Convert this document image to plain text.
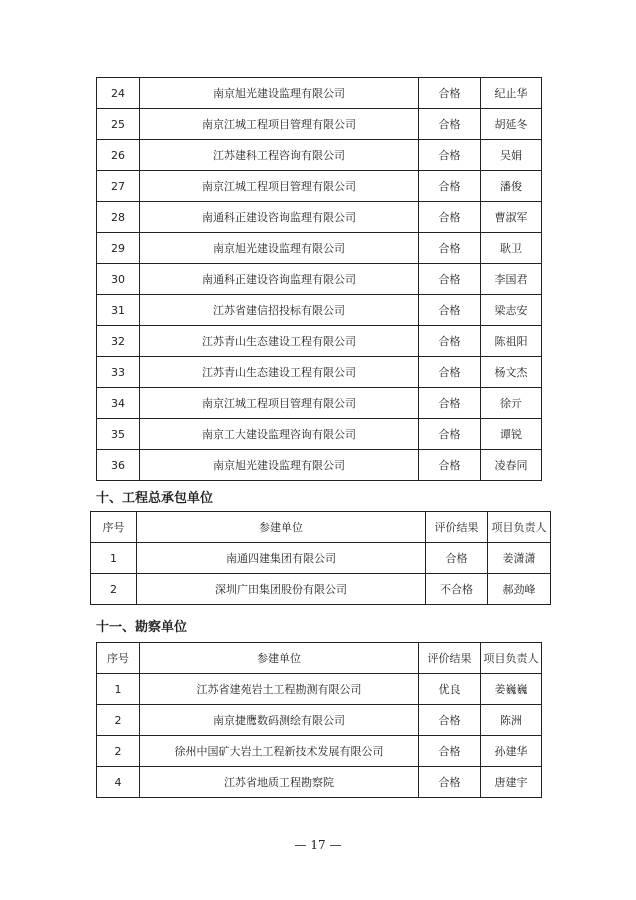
24	南京旭光建设监理有限公司	合格	纪止华
25	南京江城工程项目管理有限公司	合格	胡延冬
26	江苏建科工程咨询有限公司	合格	吴娟
27	南京江城工程项目管理有限公司	合格	潘俊
28	南通科正建设咨询监理有限公司	合格	曹淑军
29	南京旭光建设监理有限公司	合格	耿卫
30	南通科正建设咨询监理有限公司	合格	李国君
31	江苏省建信招投标有限公司	合格	梁志安
32	江苏青山生态建设工程有限公司	合格	陈祖阳
33	江苏青山生态建设工程有限公司	合格	杨文杰
34	南京江城工程项目管理有限公司	合格	徐亓
35	南京工大建设监理咨询有限公司	合格	谭锐
36	南京旭光建设监理有限公司	合格	凌春同
十、工程总承包单位
序号	参建单位	评价结果	项目负责人
1	南通四建集团有限公司	合格	姜潇潇
2	深圳广田集团股份有限公司	不合格	郝劲峰
十一、勘察单位
序号	参建单位	评价结果	项目负责人
1	江苏省建苑岩土工程勘测有限公司	优良	姜巍巍
2	南京捷鹰数码测绘有限公司	合格	陈洲
2	徐州中国矿大岩土工程新技术发展有限公司	合格	孙建华
4	江苏省地质工程勘察院	合格	唐建宇
— 17 —
